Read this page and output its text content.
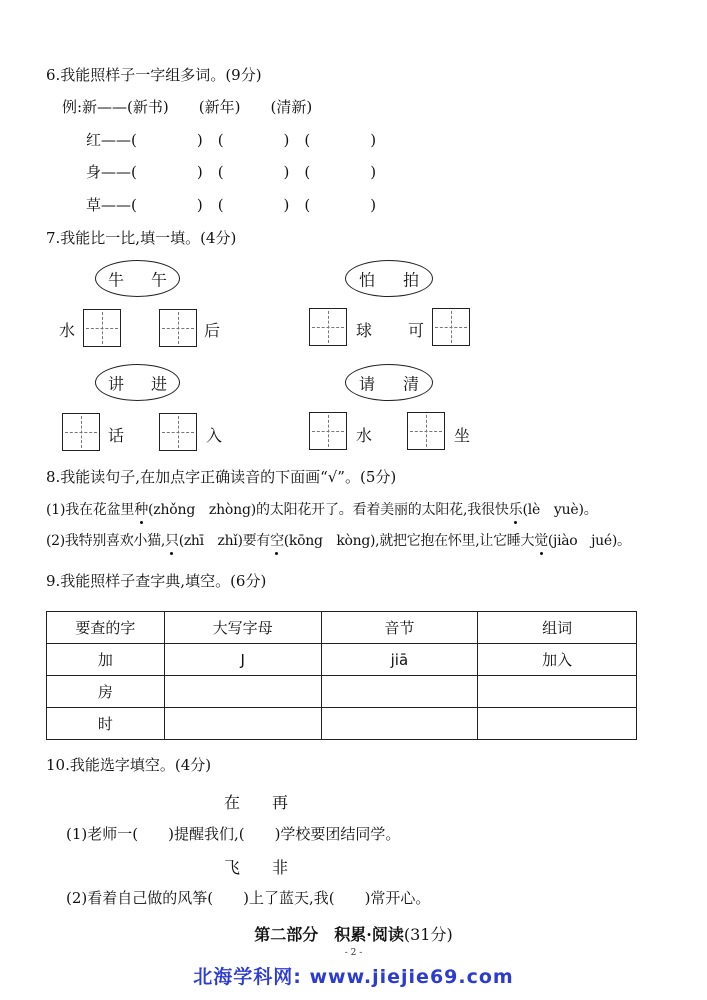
6.我能照样子一字组多词。(9分)
例:新——(新书)　　(新年)　　(清新)
红——(　　　　)　(　　　　)　(　　　　)
身——(　　　　)　(　　　　)　(　　　　)
草——(　　　　)　(　　　　)　(　　　　)
7.我能比一比,填一填。(4分)
牛 午
水	后
怕 拍
球 可
讲 进
话	入
请 清
水	坐
8.我能读句子,在加点字正确读音的下面画“√”。(5分)
(1)我在花盆里种(zhǒng　zhòng)的太阳花开了。看着美丽的太阳花,我很快乐(lè　yuè)。
(2)我特别喜欢小猫,只(zhī　zhǐ)要有空(kōng　kòng),就把它抱在怀里,让它睡大觉(jiào　jué)。
9.我能照样子查字典,填空。(6分)
要查的字	大写字母	音节	组词
加	J	jiā	加入
房			
时			
10.我能选字填空。(4分)
在　　再
(1)老师一(　　)提醒我们,(　　)学校要团结同学。
飞　　非
(2)看着自己做的风筝(　　)上了蓝天,我(　　)常开心。
第二部分　积累·阅读(31分)
- 2 -
北海学科网: www.jiejie69.com
